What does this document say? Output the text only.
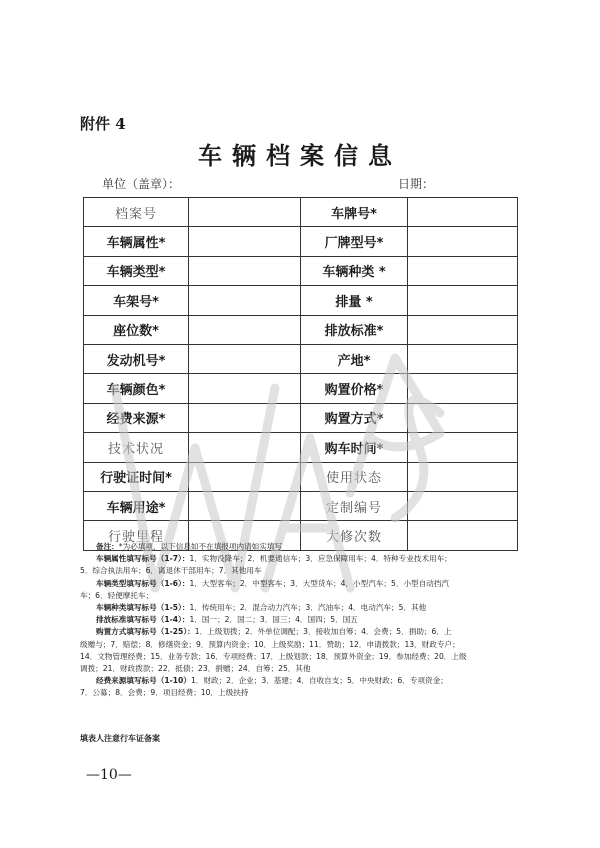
附件 4
车辆档案信息
单位（盖章）：	日期：
档案号		车牌号*	
车辆属性*		厂牌型号*	
车辆类型*		车辆种类 *	
车架号*		排量 *	
座位数*		排放标准*	
发动机号*		产地*	
车辆颜色*		购置价格*	
经费来源*		购置方式*	
技术状况		购车时间*	
行驶证时间*		使用状态	
车辆用途*		定制编号	
行驶里程		大修次数	
备注：*为必填项，以下信息如不在填报项内请如实填写
车辆属性填写标号（1-7）：1．实物没降车；2．机要通信车；3．应急保障用车；4．特种专业技术用车；
5．综合执法用车；6．离退休干部用车；7．其他用车
车辆类型填写标号（1-6）：1．大型客车；2．中型客车；3．大型货车；4．小型汽车；5．小型自动挡汽
车；6．轻便摩托车；
车辆种类填写标号（1-5）：1．传统用车；2．混合动力汽车；3．汽油车；4．电动汽车；5．其他
排放标准填写标号（1-4）：1．国一；2．国二；3．国三；4．国四；5．国五
购置方式填写标号（1-25）：1．上级划拨；2．外单位调配；3．接收加自筹；4．会费；5．捐助；6．上
级赠与；7．赔偿；8．修缮资金；9．预算内资金；10．上级奖励；11．赞助；12．申请拨款；13．财政专户；
14．文物管理经费；15．业务专款；16．专项经费；17．上级划款；18．预算外资金；19．参加经费；20．上级
调拨；21．财政拨款；22．抵债；23．捐赠；24．自筹；25．其他
经费来源填写标号（1-10）1．财政；2．企业；3．基建；4．自收自支；5．中央财政；6．专项资金；
7．公募；8．会费；9．项目经费；10．上级扶持
填表人注意行车证备案
—10—
